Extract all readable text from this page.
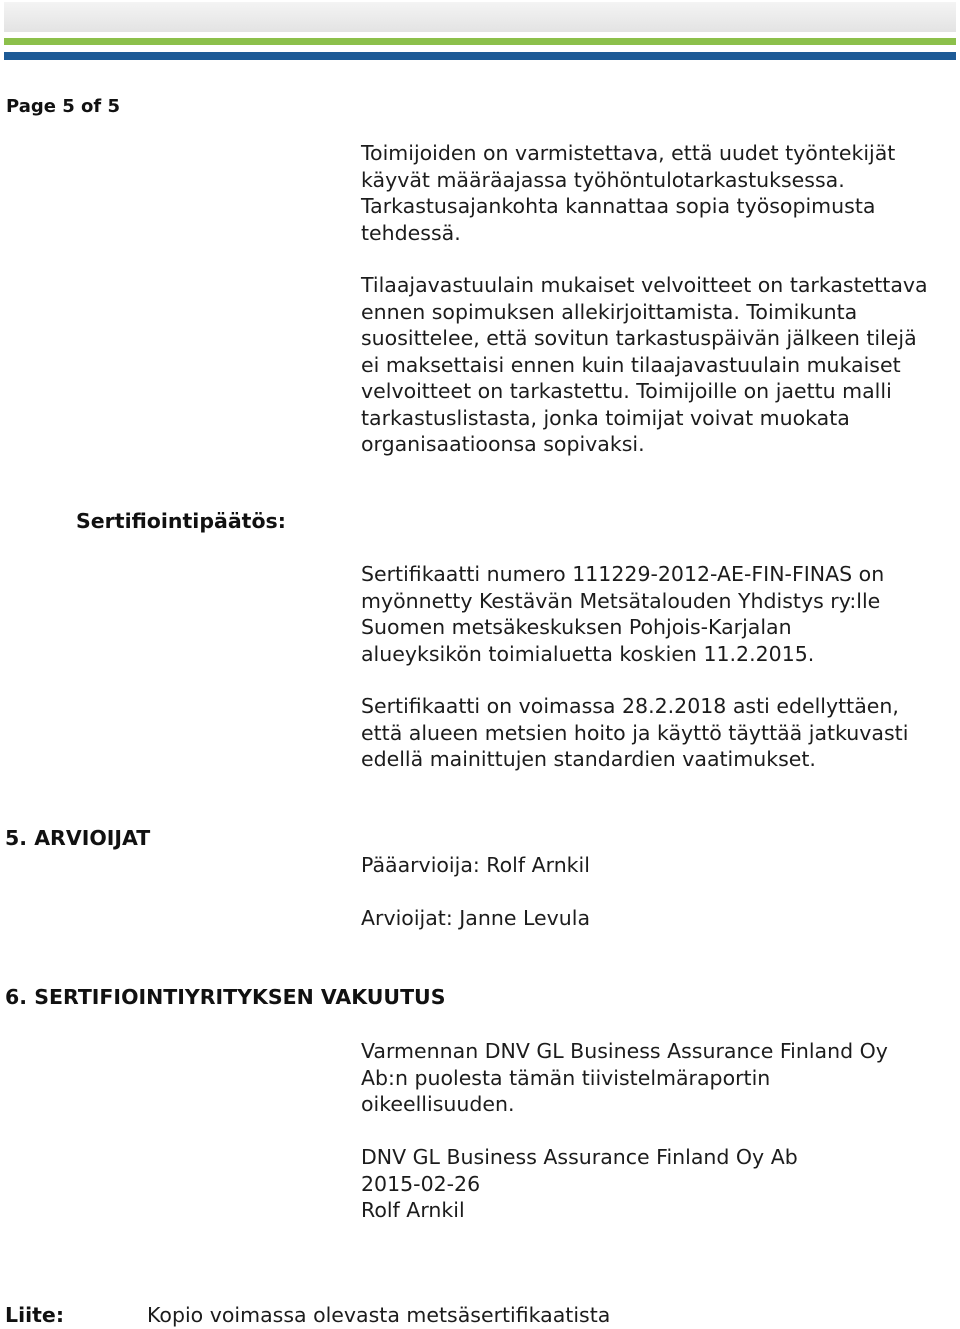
Page 5 of 5
Toimijoiden on varmistettava, että uudet työntekijät
käyvät määräajassa työhöntulotarkastuksessa.
Tarkastusajankohta kannattaa sopia työsopimusta
tehdessä.
Tilaajavastuulain mukaiset velvoitteet on tarkastettava
ennen sopimuksen allekirjoittamista. Toimikunta
suosittelee, että sovitun tarkastuspäivän jälkeen tilejä
ei maksettaisi ennen kuin tilaajavastuulain mukaiset
velvoitteet on tarkastettu. Toimijoille on jaettu malli
tarkastuslistasta, jonka toimijat voivat muokata
organisaatioonsa sopivaksi.
Sertifiointipäätös:
Sertifikaatti numero 111229-2012-AE-FIN-FINAS on
myönnetty Kestävän Metsätalouden Yhdistys ry:lle
Suomen metsäkeskuksen Pohjois-Karjalan
alueyksikön toimialuetta koskien 11.2.2015.
Sertifikaatti on voimassa 28.2.2018 asti edellyttäen,
että alueen metsien hoito ja käyttö täyttää jatkuvasti
edellä mainittujen standardien vaatimukset.
5. ARVIOIJAT
Pääarvioija: Rolf Arnkil
Arvioijat: Janne Levula
6. SERTIFIOINTIYRITYKSEN VAKUUTUS
Varmennan DNV GL Business Assurance Finland Oy
Ab:n puolesta tämän tiivistelmäraportin
oikeellisuuden.
DNV GL Business Assurance Finland Oy Ab
2015-02-26
Rolf Arnkil
Liite:	Kopio voimassa olevasta metsäsertifikaatista
